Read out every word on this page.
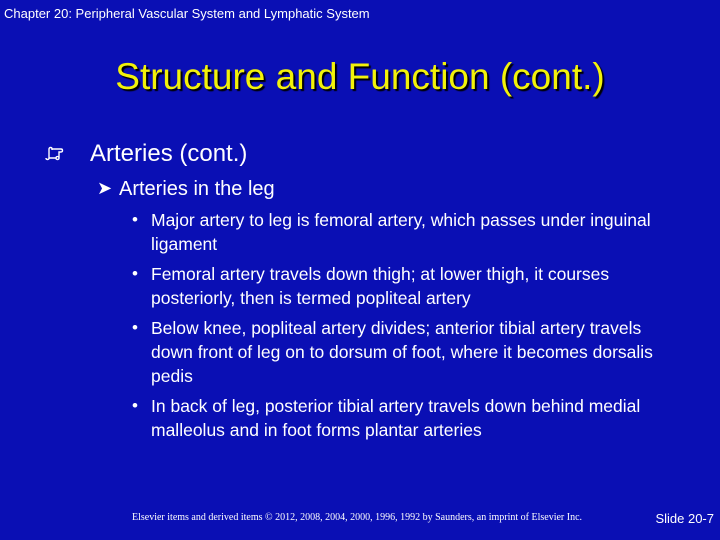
Chapter 20: Peripheral Vascular System and Lymphatic System
Structure and Function (cont.)
Arteries (cont.)
➤ Arteries in the leg
• Major artery to leg is femoral artery, which passes under inguinal ligament
• Femoral artery travels down thigh; at lower thigh, it courses posteriorly, then is termed popliteal artery
• Below knee, popliteal artery divides; anterior tibial artery travels down front of leg on to dorsum of foot, where it becomes dorsalis pedis
• In back of leg, posterior tibial artery travels down behind medial malleolus and in foot forms plantar arteries
Elsevier items and derived items © 2012, 2008, 2004, 2000, 1996, 1992 by Saunders, an imprint of Elsevier Inc.	Slide 20-7
